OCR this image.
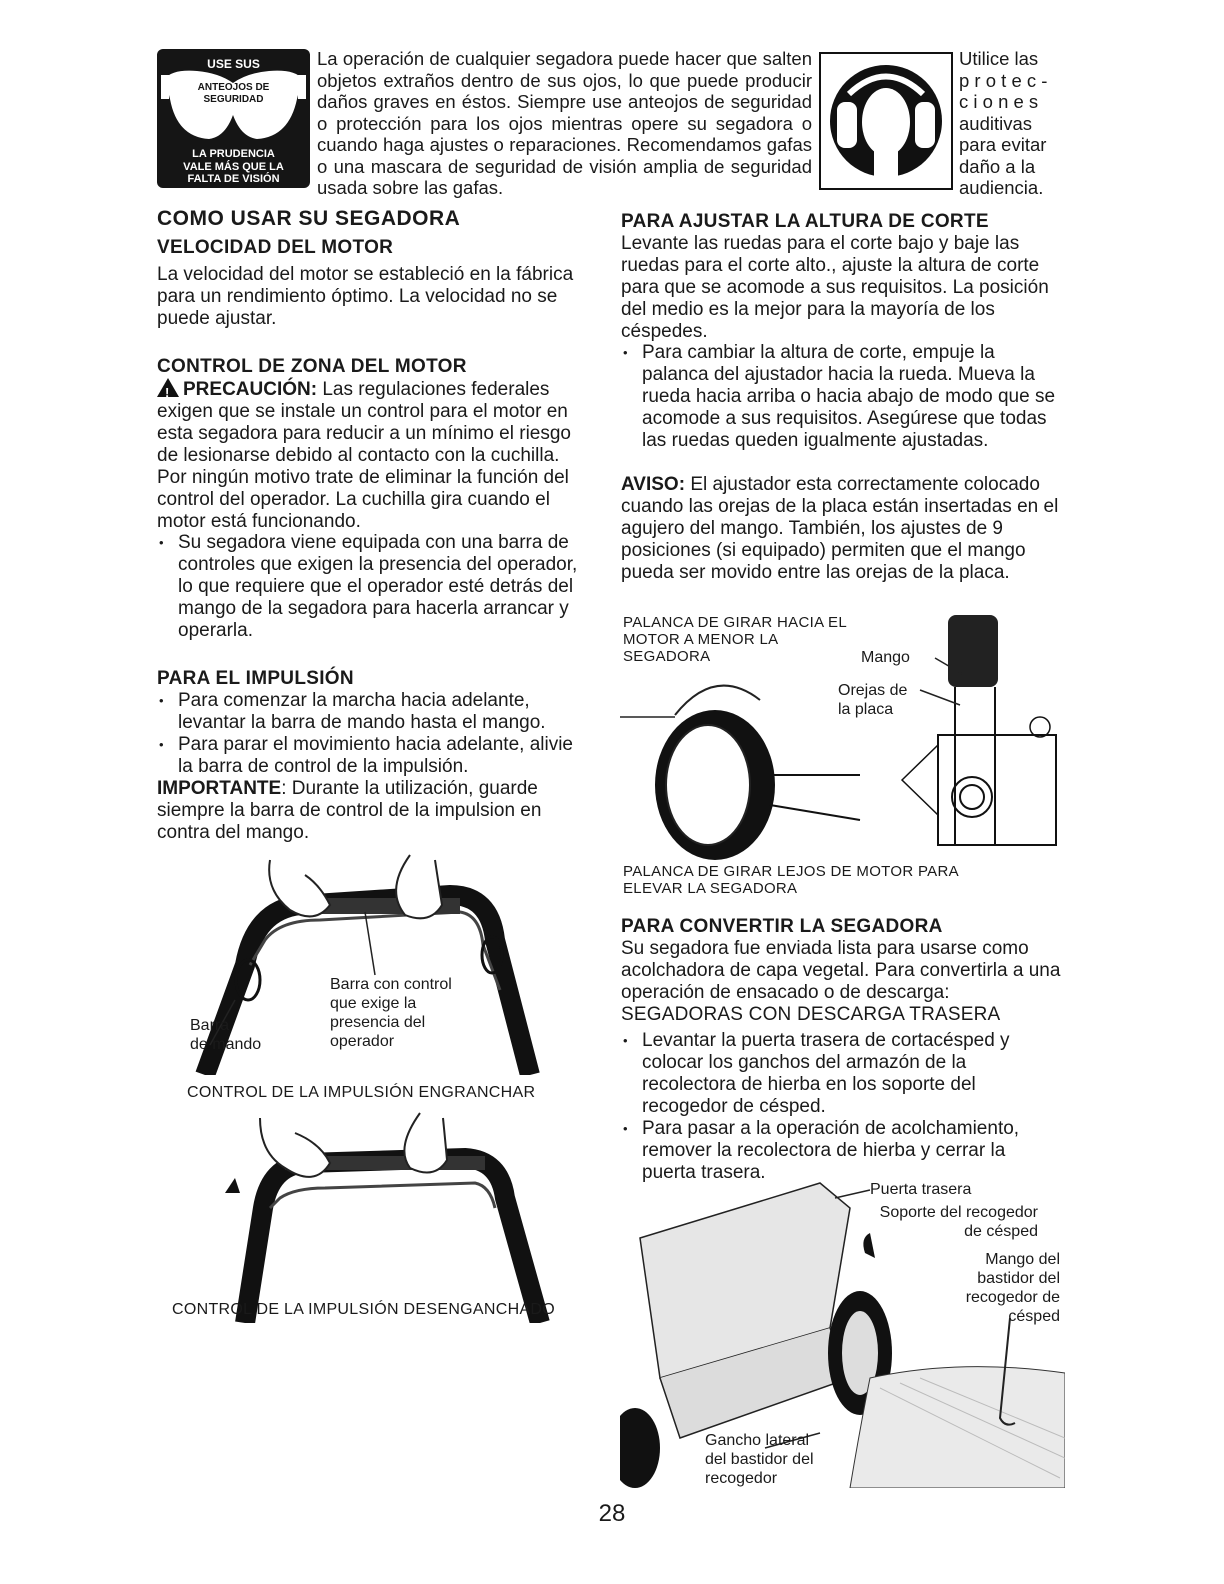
USE SUS
ANTEOJOS DE
SEGURIDAD
LA PRUDENCIA
VALE MÁS QUE LA
FALTA DE VISIÓN
La operación de cualquier segadora puede hacer que salten objetos extraños dentro de sus ojos, lo que puede producir daños graves en éstos. Siempre use anteojos de seguridad o protección para los ojos mientras opere su segadora o cuando haga ajustes o reparaciones. Recomendamos gafas o una mascara de seguridad de visión amplia de seguridad usada sobre las gafas.
Utilice las
p r o t e c -
c i o n e s
auditivas
para evitar
daño a la
audiencia.
COMO USAR SU SEGADORA
VELOCIDAD DEL MOTOR
La velocidad del motor se estableció en la fábrica para un rendimiento óptimo. La velocidad no se puede ajustar.
CONTROL DE ZONA DEL MOTOR
!PRECAUCIÓN: Las regulaciones federales exigen que se instale un control para el motor en esta segadora para reducir a un mínimo el riesgo de lesionarse debido al contacto con la cuchilla. Por ningún motivo trate de eliminar la función del control del operador. La cuchilla gira cuando el motor está funcionando.
• Su segadora viene equipada con una barra de controles que exigen la presencia del operador, lo que requiere que el operador esté detrás del mango de la segadora para hacerla arrancar y operarla.
PARA EL IMPULSIÓN
• Para comenzar la marcha hacia adelante, levantar la barra de mando hasta el mango.
• Para parar el movimiento hacia adelante, alivie la barra de control de la impulsión.
IMPORTANTE: Durante la utilización, guarde siempre la barra de control de la impulsion en contra del mango.
Barra con control que exige la presencia del operador
Barra
de mando
CONTROL DE LA IMPULSIÓN ENGRANCHAR
CONTROL DE LA IMPULSIÓN DESENGANCHADO
PARA AJUSTAR LA ALTURA DE CORTE
Levante las ruedas para el corte bajo y baje las ruedas para el corte alto., ajuste la altura de corte para que se acomode a sus requisitos. La posición del medio es la mejor para la mayoría de los céspedes.
• Para cambiar la altura de corte, empuje la palanca del ajustador hacia la rueda. Mueva la rueda hacia arriba o hacia abajo de modo que se acomode a sus requisitos. Asegúrese que todas las ruedas queden igualmente ajustadas.
AVISO: El ajustador esta correctamente colocado cuando las orejas de la placa están insertadas en el agujero del mango. También, los ajustes de 9 posiciones (si equipado) permiten que el mango pueda ser movido entre las orejas de la placa.
PALANCA DE GIRAR HACIA EL MOTOR A MENOR LA SEGADORA	Mango
Orejas de
la placa
PALANCA DE GIRAR LEJOS DE MOTOR PARA ELEVAR LA SEGADORA
PARA CONVERTIR LA SEGADORA
Su segadora fue enviada lista para usarse como acolchadora de capa vegetal. Para convertirla a una operación de ensacado o de descarga:
SEGADORAS CON DESCARGA TRASERA
• Levantar la puerta trasera de cortacésped y colocar los ganchos del armazón de la recolectora de hierba en los soporte del recogedor de césped.
• Para pasar a la operación de acolchamiento, remover la recolectora de hierba y cerrar la puerta trasera.
Puerta trasera
Soporte del recogedor de césped
Mango del bastidor del recogedor de césped
Gancho lateral del bastidor del recogedor
28
